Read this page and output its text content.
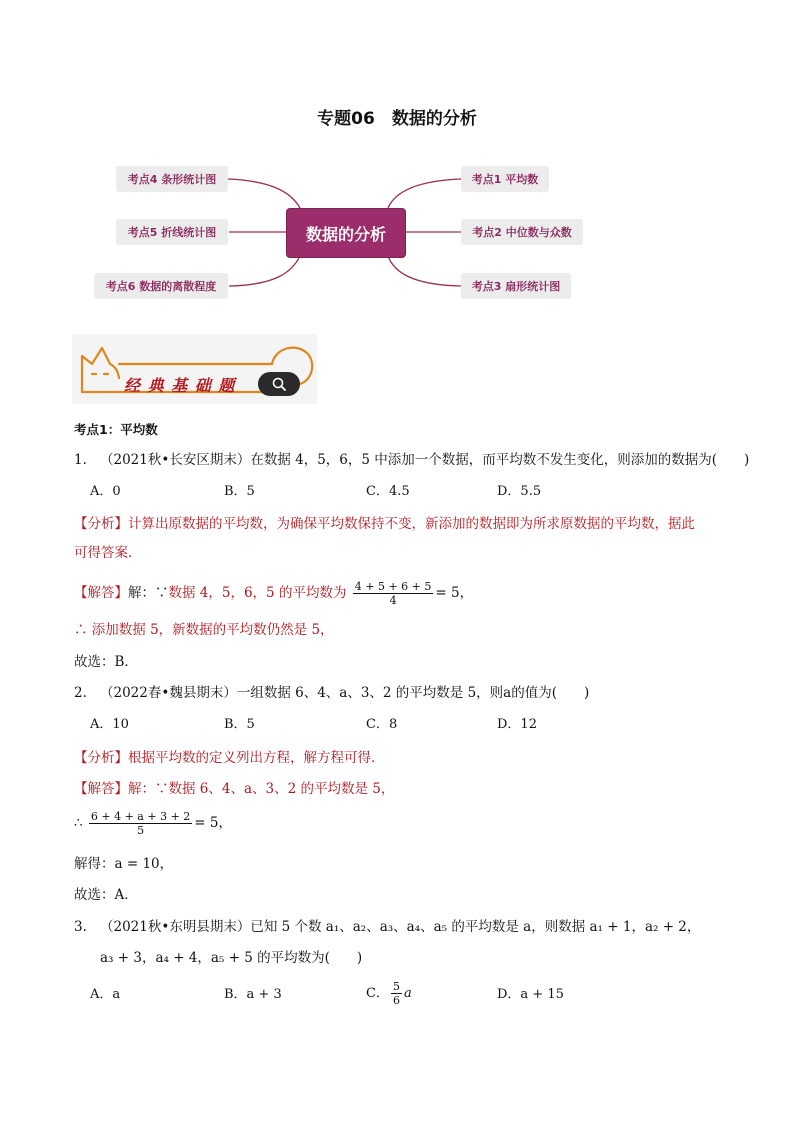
专题06　数据的分析
数据的分析
考点4 条形统计图
考点5 折线统计图
考点6 数据的离散程度
考点1 平均数
考点2 中位数与众数
考点3 扇形统计图
经 典 基 础 题
考点1：平均数
1. （2021秋•长安区期末）在数据 4，5，6，5 中添加一个数据，而平均数不发生变化，则添加的数据为(　　)
A．0	B．5	C．4.5	D．5.5
【分析】计算出原数据的平均数，为确保平均数保持不变，新添加的数据即为所求原数据的平均数，据此
可得答案．
【解答】解：∵数据 4，5，6，5 的平均数为 $\frac{4 + 5 + 6 + 5}{4} = 5$，
∴ 添加数据 5，新数据的平均数仍然是 5，
故选：B．
2. （2022春•魏县期末）一组数据 6、4、a、3、2 的平均数是 5，则a的值为(　　)
A．10	B．5	C．8	D．12
【分析】根据平均数的定义列出方程，解方程可得．
【解答】解：∵数据 6、4、a、3、2 的平均数是 5，
∴ $\frac{6 + 4 + a + 3 + 2}{5} = 5$，
解得：a = 10，
故选：A．
3. （2021秋•东明县期末）已知 5 个数 a₁、a₂、a₃、a₄、a₅ 的平均数是 a，则数据 a₁ + 1，a₂ + 2，
a₃ + 3，a₄ + 4，a₅ + 5 的平均数为(　　)
A．a	B．a + 3	C． $\frac{5}{6}$ a	D．a + 15
